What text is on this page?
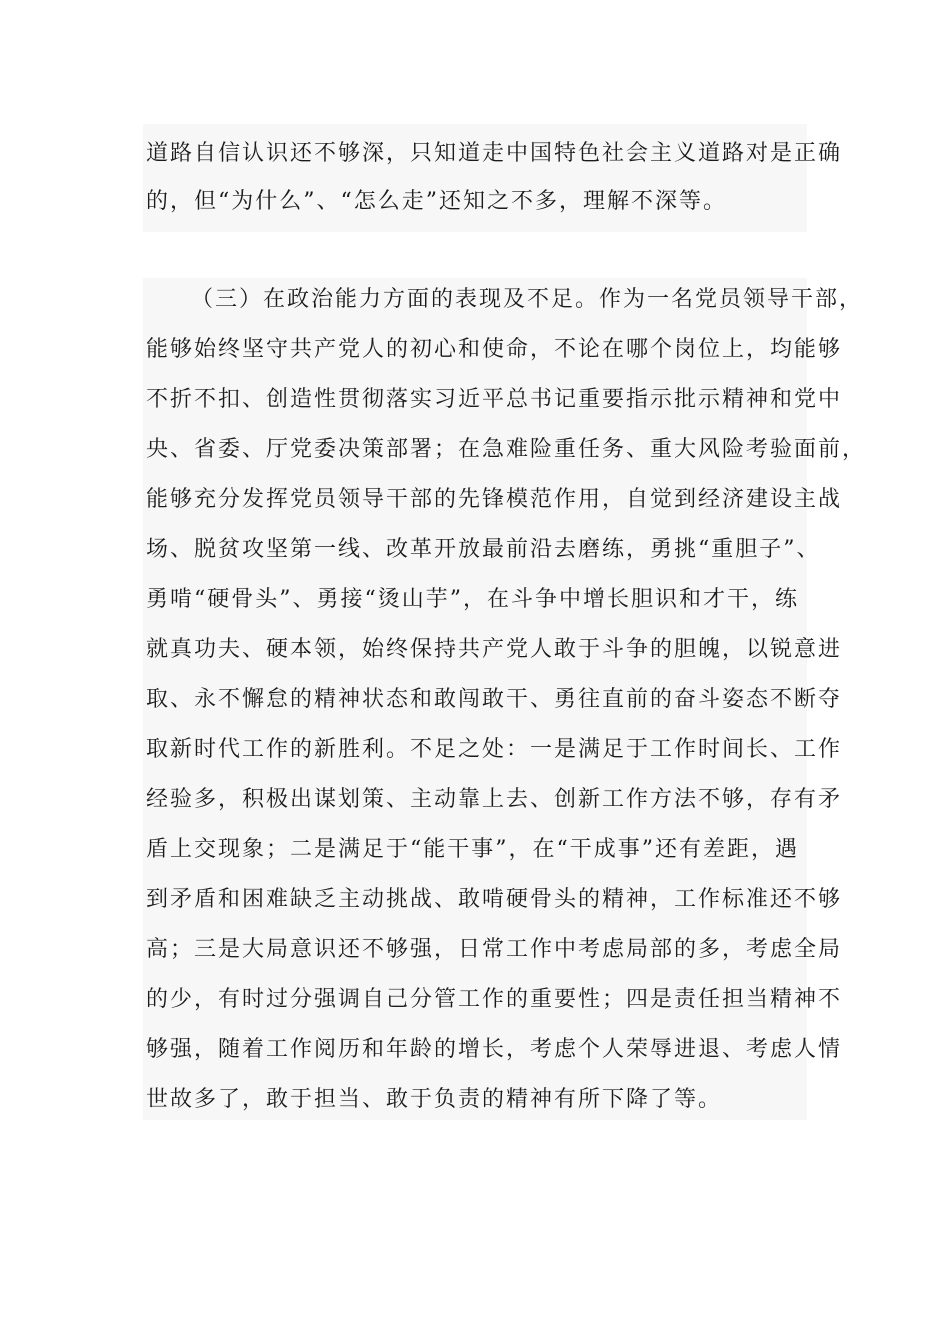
道路自信认识还不够深，只知道走中国特色社会主义道路对是正确
的，但“为什么”、“怎么走”还知之不多，理解不深等。
（三）在政治能力方面的表现及不足。作为一名党员领导干部，
能够始终坚守共产党人的初心和使命，不论在哪个岗位上，均能够
不折不扣、创造性贯彻落实习近平总书记重要指示批示精神和党中
央、省委、厅党委决策部署；在急难险重任务、重大风险考验面前，
能够充分发挥党员领导干部的先锋模范作用，自觉到经济建设主战
场、脱贫攻坚第一线、改革开放最前沿去磨练，勇挑“重胆子”、
勇啃“硬骨头”、勇接“烫山芋”，在斗争中增长胆识和才干，练
就真功夫、硬本领，始终保持共产党人敢于斗争的胆魄，以锐意进
取、永不懈怠的精神状态和敢闯敢干、勇往直前的奋斗姿态不断夺
取新时代工作的新胜利。不足之处：一是满足于工作时间长、工作
经验多，积极出谋划策、主动靠上去、创新工作方法不够，存有矛
盾上交现象；二是满足于“能干事”，在“干成事”还有差距，遇
到矛盾和困难缺乏主动挑战、敢啃硬骨头的精神，工作标准还不够
高；三是大局意识还不够强，日常工作中考虑局部的多，考虑全局
的少，有时过分强调自己分管工作的重要性；四是责任担当精神不
够强，随着工作阅历和年龄的增长，考虑个人荣辱进退、考虑人情
世故多了，敢于担当、敢于负责的精神有所下降了等。
